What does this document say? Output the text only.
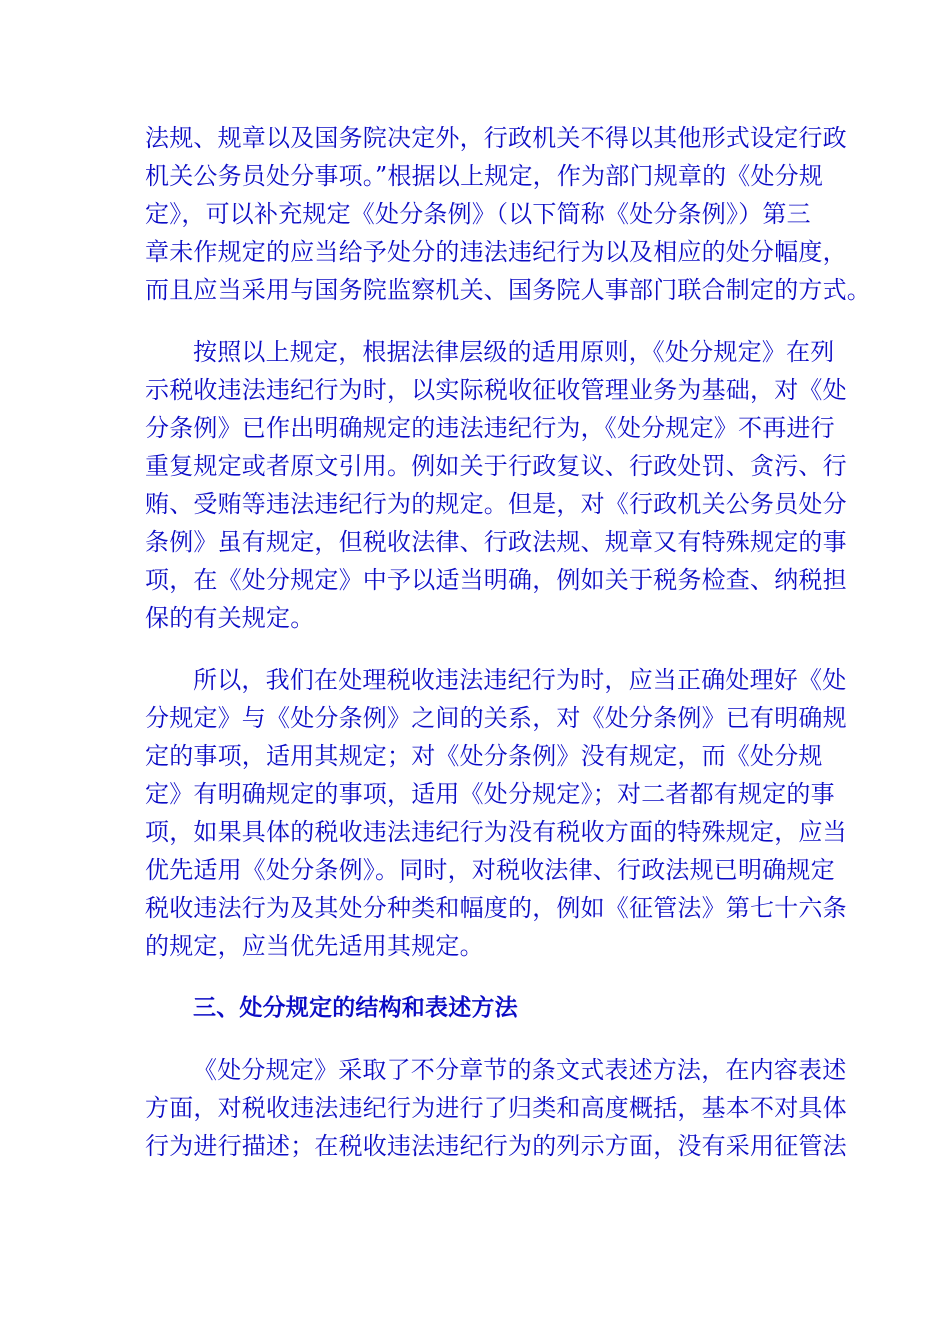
法规、规章以及国务院决定外，行政机关不得以其他形式设定行政
机关公务员处分事项。”根据以上规定，作为部门规章的《处分规
定》，可以补充规定《处分条例》（以下简称《处分条例》）第三
章未作规定的应当给予处分的违法违纪行为以及相应的处分幅度，
而且应当采用与国务院监察机关、国务院人事部门联合制定的方式。
按照以上规定，根据法律层级的适用原则，《处分规定》在列
示税收违法违纪行为时，以实际税收征收管理业务为基础，对《处
分条例》已作出明确规定的违法违纪行为，《处分规定》不再进行
重复规定或者原文引用。例如关于行政复议、行政处罚、贪污、行
贿、受贿等违法违纪行为的规定。但是，对《行政机关公务员处分
条例》虽有规定，但税收法律、行政法规、规章又有特殊规定的事
项，在《处分规定》中予以适当明确，例如关于税务检查、纳税担
保的有关规定。
所以，我们在处理税收违法违纪行为时，应当正确处理好《处
分规定》与《处分条例》之间的关系，对《处分条例》已有明确规
定的事项，适用其规定；对《处分条例》没有规定，而《处分规
定》有明确规定的事项，适用《处分规定》；对二者都有规定的事
项，如果具体的税收违法违纪行为没有税收方面的特殊规定，应当
优先适用《处分条例》。同时，对税收法律、行政法规已明确规定
税收违法行为及其处分种类和幅度的，例如《征管法》第七十六条
的规定，应当优先适用其规定。
三、处分规定的结构和表述方法
《处分规定》采取了不分章节的条文式表述方法，在内容表述
方面，对税收违法违纪行为进行了归类和高度概括，基本不对具体
行为进行描述；在税收违法违纪行为的列示方面，没有采用征管法
